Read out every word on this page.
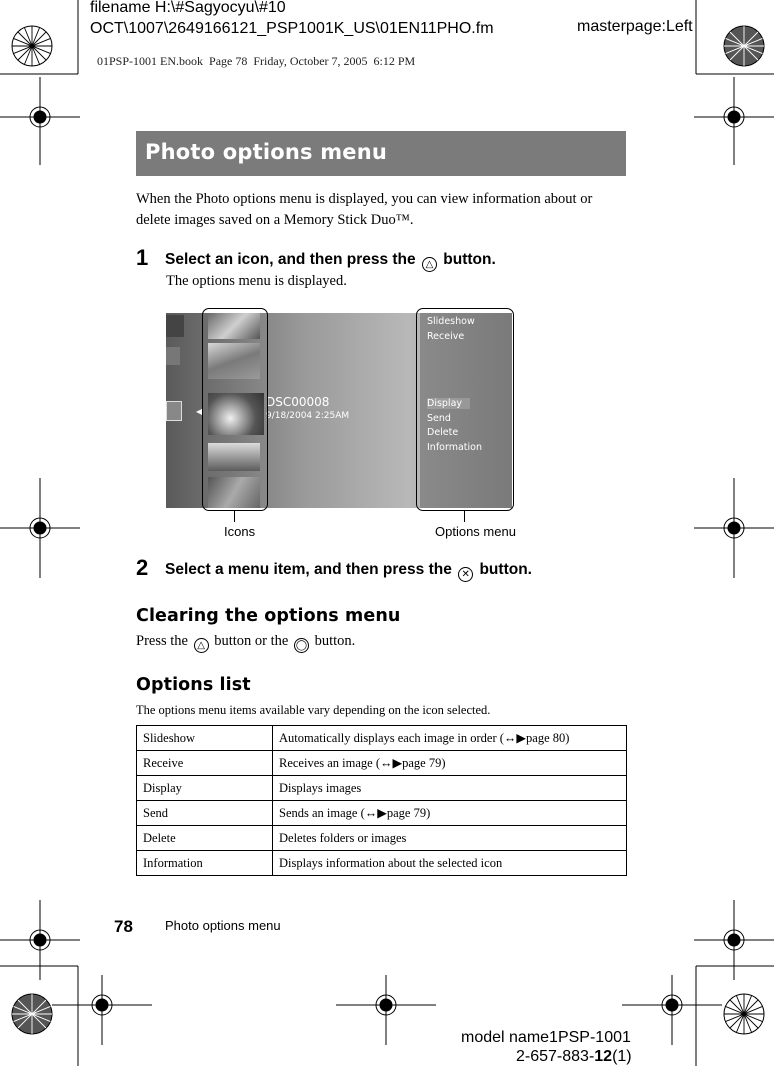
filename H:\#Sagyocyu\#10
OCT\1007\2649166121_PSP1001K_US\01EN11PHO.fm	masterpage:Left
01PSP-1001 EN.book  Page 78  Friday, October 7, 2005  6:12 PM
Photo options menu
When the Photo options menu is displayed, you can view information about or
delete images saved on a Memory Stick Duo™.
1 Select an icon, and then press the △ button.
The options menu is displayed.
◀
DSC00008
9/18/2004 2:25AM
Slideshow
Receive
Display
Send
Delete
Information
Icons	Options menu
2 Select a menu item, and then press the ✕ button.
Clearing the options menu
Press the △ button or the ◯ button.
Options list
The options menu items available vary depending on the icon selected.
Slideshow	Automatically displays each image in order (↔▶page 80)
Receive	Receives an image (↔▶page 79)
Display	Displays images
Send	Sends an image (↔▶page 79)
Delete	Deletes folders or images
Information	Displays information about the selected icon
78 Photo options menu
model name1PSP-1001
2-657-883-12(1)
